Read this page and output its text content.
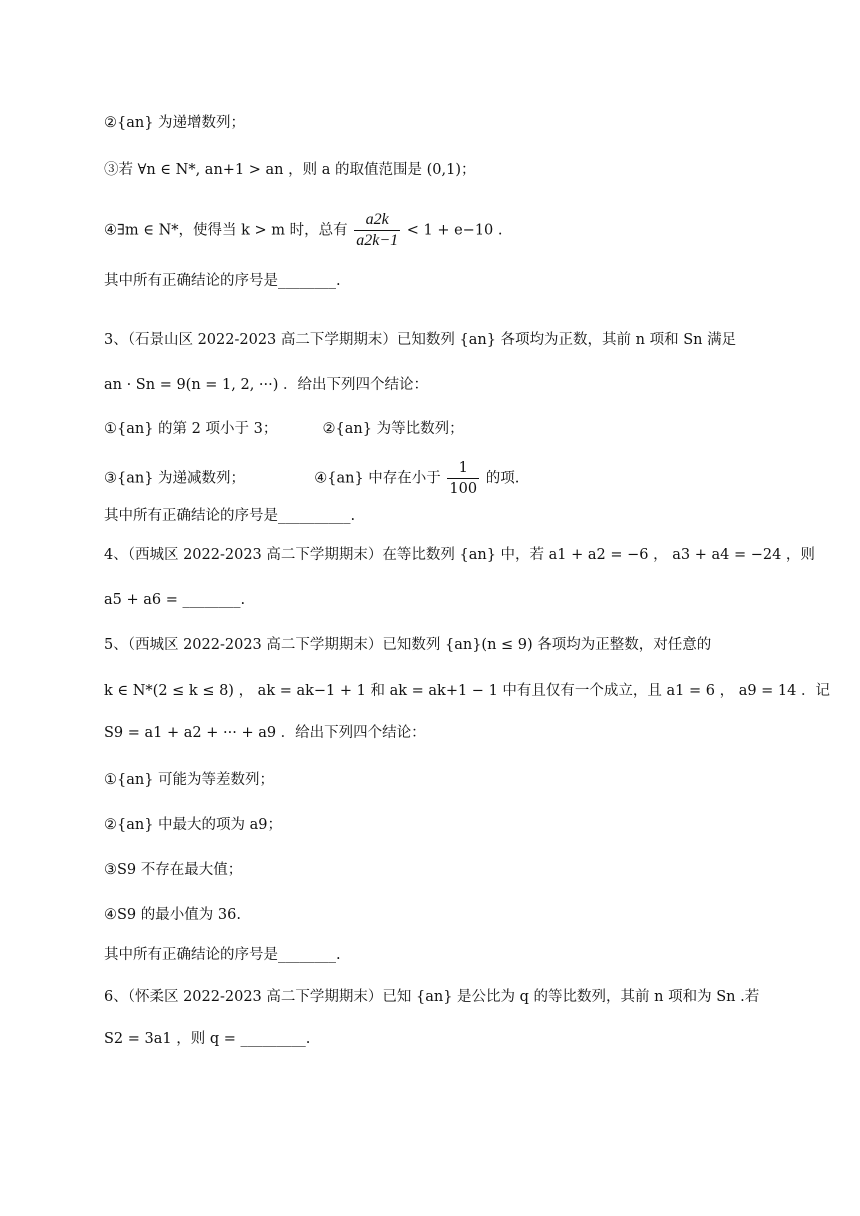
②{an} 为递增数列；
③若 ∀n ∈ N*, an+1 > an ，则 a 的取值范围是 (0,1)；
④∃m ∈ N*，使得当 k > m 时，总有 $\frac{a2k}{a2k-1} < 1 + e-10$ .
其中所有正确结论的序号是________.
3、（石景山区 2022-2023 高二下学期期末）已知数列 {an} 各项均为正数，其前 n 项和 Sn 满足
an · Sn = 9(n = 1, 2, ···) ．给出下列四个结论：
①{an} 的第 2 项小于 3；	②{an} 为等比数列；
③{an} 为递减数列；	④{an} 中存在小于 $\frac{1}{100}$ 的项.
其中所有正确结论的序号是__________.
4、（西城区 2022-2023 高二下学期期末）在等比数列 {an} 中，若 a1 + a2 = −6 ， a3 + a4 = −24 ，则
a5 + a6 = ________.
5、（西城区 2022-2023 高二下学期期末）已知数列 {an}(n ≤ 9) 各项均为正整数，对任意的
k ∈ N*(2 ≤ k ≤ 8) ， ak = ak−1 + 1 和 ak = ak+1 − 1 中有且仅有一个成立，且 a1 = 6 ， a9 = 14 ．记
S9 = a1 + a2 + ··· + a9 ．给出下列四个结论：
①{an} 可能为等差数列；
②{an} 中最大的项为 a9；
③S9 不存在最大值；
④S9 的最小值为 36.
其中所有正确结论的序号是________.
6、（怀柔区 2022-2023 高二下学期期末）已知 {an} 是公比为 q 的等比数列，其前 n 项和为 Sn .若
S2 = 3a1 ，则 q = _________.
